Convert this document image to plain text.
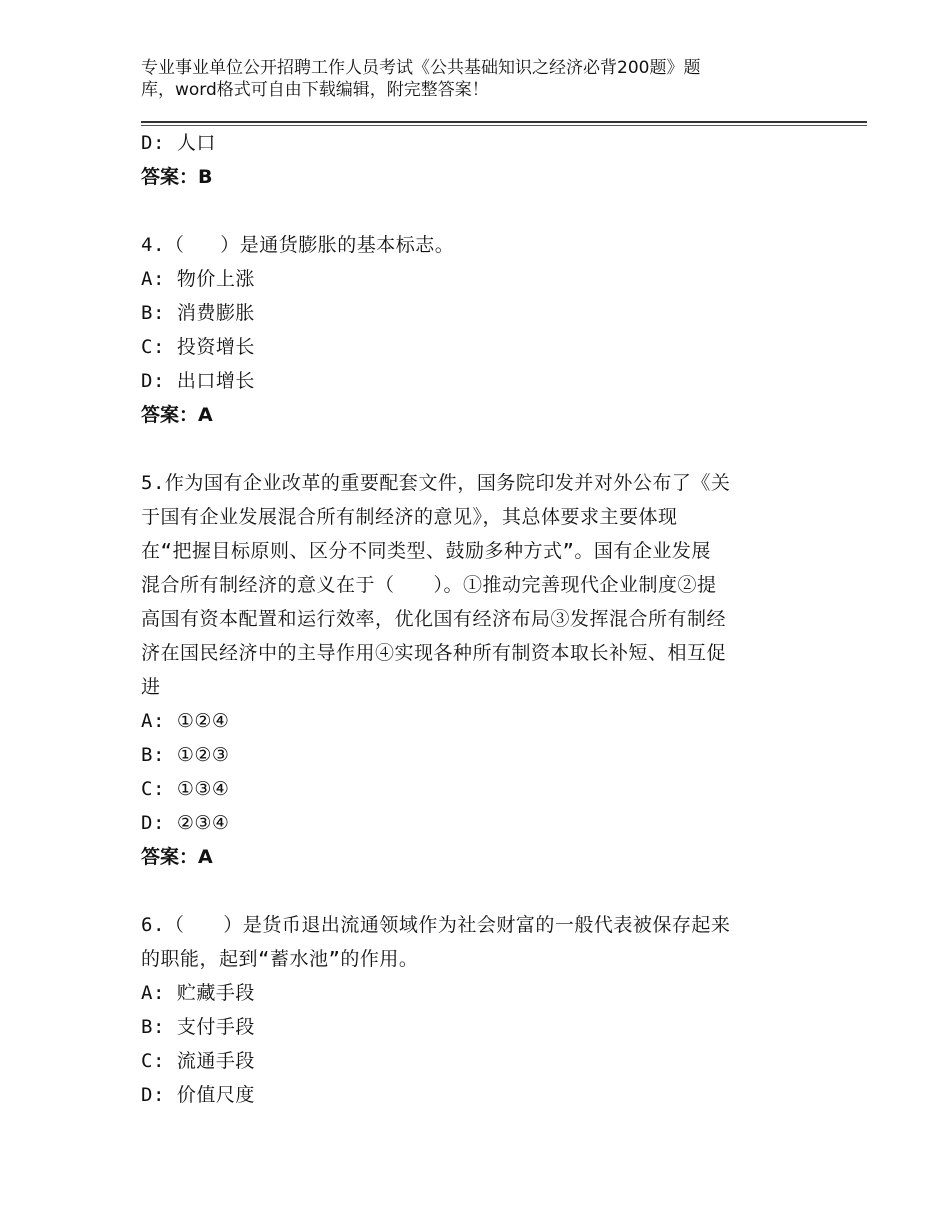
专业事业单位公开招聘工作人员考试《公共基础知识之经济必背200题》题
库，word格式可自由下载编辑，附完整答案！
D: 人口
答案：B
4.（   ）是通货膨胀的基本标志。
A: 物价上涨
B: 消费膨胀
C: 投资增长
D: 出口增长
答案：A
5.作为国有企业改革的重要配套文件，国务院印发并对外公布了《关
于国有企业发展混合所有制经济的意见》，其总体要求主要体现
在“把握目标原则、区分不同类型、鼓励多种方式”。国有企业发展
混合所有制经济的意义在于（　　）。①推动完善现代企业制度②提
高国有资本配置和运行效率，优化国有经济布局③发挥混合所有制经
济在国民经济中的主导作用④实现各种所有制资本取长补短、相互促
进
A: ①②④
B: ①②③
C: ①③④
D: ②③④
答案：A
6.（　　）是货币退出流通领域作为社会财富的一般代表被保存起来
的职能，起到“蓄水池”的作用。
A: 贮藏手段
B: 支付手段
C: 流通手段
D: 价值尺度
